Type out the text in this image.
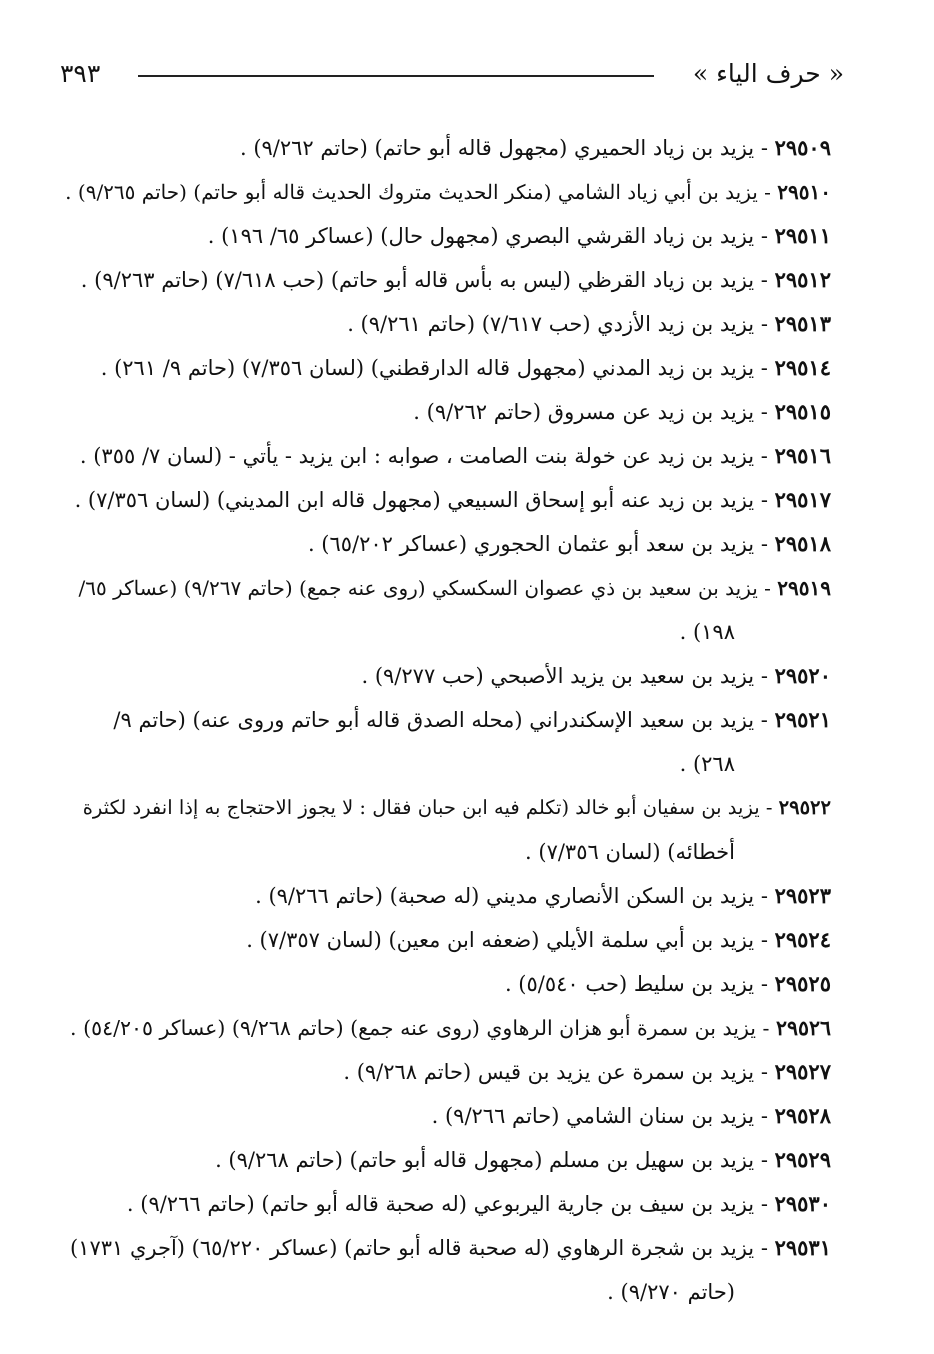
« حرف الياء »
٣٩٣
٢٩٥٠٩ - يزيد بن زياد الحميري (مجهول قاله أبو حاتم) (حاتم ٩/٢٦٢) .
٢٩٥١٠ - يزيد بن أبي زياد الشامي (منكر الحديث متروك الحديث قاله أبو حاتم) (حاتم ٩/٢٦٥) .
٢٩٥١١ - يزيد بن زياد القرشي البصري (مجهول حال) (عساكر ٦٥/ ١٩٦) .
٢٩٥١٢ - يزيد بن زياد القرظي (ليس به بأس قاله أبو حاتم) (حب ٧/٦١٨) (حاتم ٩/٢٦٣) .
٢٩٥١٣ - يزيد بن زيد الأزدي (حب ٧/٦١٧) (حاتم ٩/٢٦١) .
٢٩٥١٤ - يزيد بن زيد المدني (مجهول قاله الدارقطني) (لسان ٧/٣٥٦) (حاتم ٩/ ٢٦١) .
٢٩٥١٥ - يزيد بن زيد عن مسروق (حاتم ٩/٢٦٢) .
٢٩٥١٦ - يزيد بن زيد عن خولة بنت الصامت ، صوابه : ابن يزيد - يأتي - (لسان ٧/ ٣٥٥) .
٢٩٥١٧ - يزيد بن زيد عنه أبو إسحاق السبيعي (مجهول قاله ابن المديني) (لسان ٧/٣٥٦) .
٢٩٥١٨ - يزيد بن سعد أبو عثمان الحجوري (عساكر ٦٥/٢٠٢) .
٢٩٥١٩ - يزيد بن سعيد بن ذي عصوان السكسكي (روى عنه جمع) (حاتم ٩/٢٦٧) (عساكر ٦٥/
١٩٨) .
٢٩٥٢٠ - يزيد بن سعيد بن يزيد الأصبحي (حب ٩/٢٧٧) .
٢٩٥٢١ - يزيد بن سعيد الإسكندراني (محله الصدق قاله أبو حاتم وروى عنه) (حاتم ٩/
٢٦٨) .
٢٩٥٢٢ - يزيد بن سفيان أبو خالد (تكلم فيه ابن حبان فقال : لا يجوز الاحتجاج به إذا انفرد لكثرة
أخطائه) (لسان ٧/٣٥٦) .
٢٩٥٢٣ - يزيد بن السكن الأنصاري مديني (له صحبة) (حاتم ٩/٢٦٦) .
٢٩٥٢٤ - يزيد بن أبي سلمة الأيلي (ضعفه ابن معين) (لسان ٧/٣٥٧) .
٢٩٥٢٥ - يزيد بن سليط (حب ٥/٥٤٠) .
٢٩٥٢٦ - يزيد بن سمرة أبو هزان الرهاوي (روى عنه جمع) (حاتم ٩/٢٦٨) (عساكر ٥٤/٢٠٥) .
٢٩٥٢٧ - يزيد بن سمرة عن يزيد بن قيس (حاتم ٩/٢٦٨) .
٢٩٥٢٨ - يزيد بن سنان الشامي (حاتم ٩/٢٦٦) .
٢٩٥٢٩ - يزيد بن سهيل بن مسلم (مجهول قاله أبو حاتم) (حاتم ٩/٢٦٨) .
٢٩٥٣٠ - يزيد بن سيف بن جارية اليربوعي (له صحبة قاله أبو حاتم) (حاتم ٩/٢٦٦) .
٢٩٥٣١ - يزيد بن شجرة الرهاوي (له صحبة قاله أبو حاتم) (عساكر ٦٥/٢٢٠) (آجري ١٧٣١)
(حاتم ٩/٢٧٠) .
